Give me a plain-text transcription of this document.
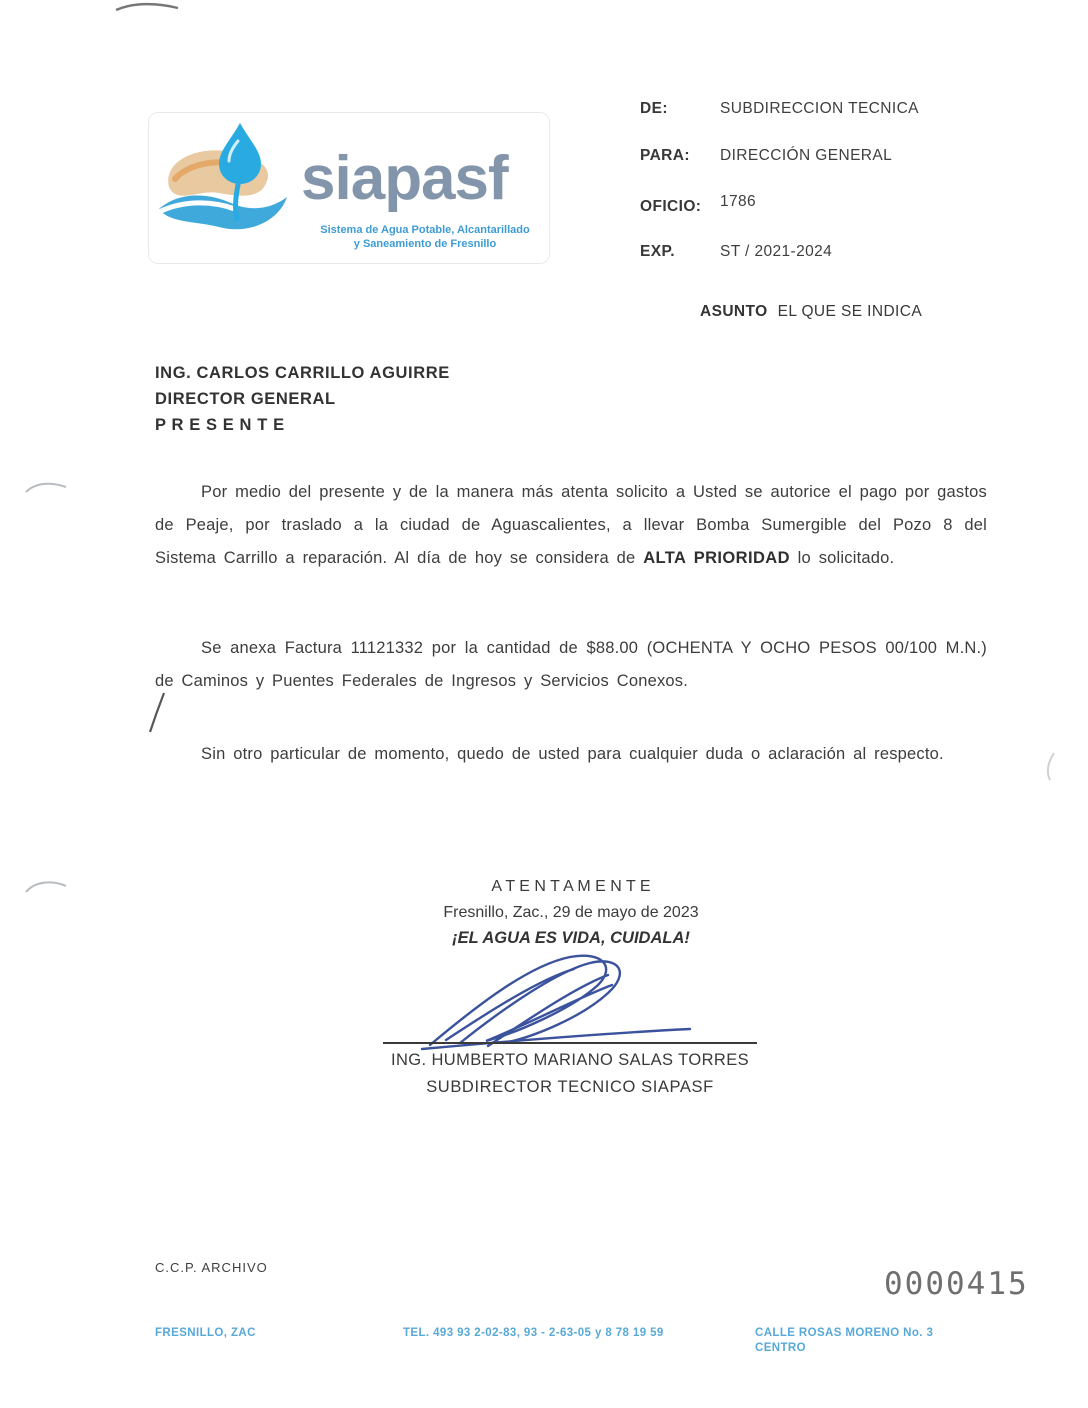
siapasf
Sistema de Agua Potable, Alcantarillado
y Saneamiento de Fresnillo
DE:	SUBDIRECCION TECNICA
PARA:	DIRECCIÓN GENERAL
OFICIO:	1786
EXP.	ST / 2021-2024
ASUNTO EL QUE SE INDICA
ING. CARLOS CARRILLO AGUIRRE
DIRECTOR GENERAL
P R E S E N T E

Por medio del presente y de la manera más atenta solicito a Usted se autorice el pago por gastos de Peaje, por traslado a la ciudad de Aguascalientes, a llevar Bomba Sumergible del Pozo 8 del Sistema Carrillo a reparación. Al día de hoy se considera de ALTA PRIORIDAD lo solicitado.

Se anexa Factura 11121332 por la cantidad de $88.00 (OCHENTA Y OCHO PESOS 00/100 M.N.) de Caminos y Puentes Federales de Ingresos y Servicios Conexos.

Sin otro particular de momento, quedo de usted para cualquier duda o aclaración al respecto.

A T E N T A M E N T E
Fresnillo, Zac., 29 de mayo de 2023
¡EL AGUA ES VIDA, CUIDALA!
ING. HUMBERTO MARIANO SALAS TORRES
SUBDIRECTOR TECNICO SIAPASF
C.C.P. ARCHIVO	0000415
FRESNILLO, ZAC	TEL. 493 93 2-02-83, 93 - 2-63-05 y 8 78 19 59	CALLE ROSAS MORENO No. 3
CENTRO
